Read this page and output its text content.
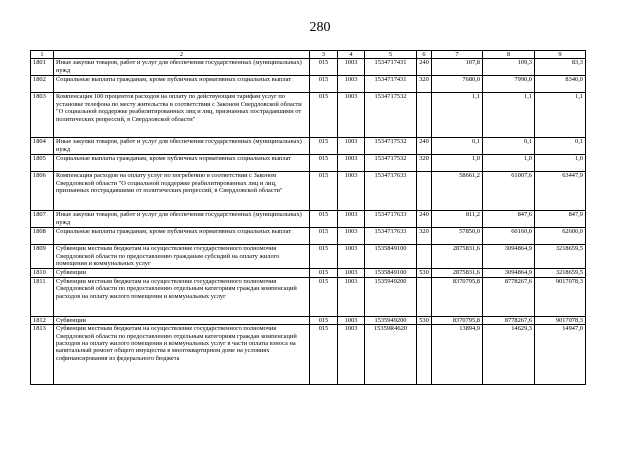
280
1	2	3	4	5	6	7	8	9
1801	Иные закупки товаров, работ и услуг для обеспечения государственных (муниципальных) нужд	015	1003	1534717431	240	107,8	109,3	83,3
1802	Социальные выплаты гражданам, кроме публичных нормативных социальных выплат	015	1003	1534717431	320	7680,0	7990,0	8340,0
1803	Компенсация 100 процентов расходов на оплату по действующим тарифам услуг по установке телефона по месту жительства в соответствии с Законом Свердловской области "О социальной поддержке реабилитированных лиц и лиц, признанных пострадавшими от политических репрессий, в Свердловской области"	015	1003	1534717532		1,1	1,1	1,1
1804	Иные закупки товаров, работ и услуг для обеспечения государственных (муниципальных) нужд	015	1003	1534717532	240	0,1	0,1	0,1
1805	Социальные выплаты гражданам, кроме публичных нормативных социальных выплат	015	1003	1534717532	320	1,0	1,0	1,0
1806	Компенсация расходов на оплату услуг по погребению в соответствии с Законом Свердловской области "О социальной поддержке реабилитированных лиц и лиц, признанных пострадавшими от политических репрессий, в Свердловской области"	015	1003	1534717633		58661,2	61007,6	63447,9
1807	Иные закупки товаров, работ и услуг для обеспечения государственных (муниципальных) нужд	015	1003	1534717633	240	811,2	847,6	847,9
1808	Социальные выплаты гражданам, кроме публичных нормативных социальных выплат	015	1003	1534717633	320	57850,0	60160,0	62600,0
1809	Субвенции местным бюджетам на осуществление государственного полномочия Свердловской области по предоставлению гражданам субсидий на оплату жилого помещения и коммунальных услуг	015	1003	1535849100		2875831,6	3094864,9	3218659,5
1810	Субвенции	015	1003	1535849100	530	2875831,6	3094864,9	3218659,5
1811	Субвенции местным бюджетам на осуществление государственного полномочия Свердловской области по предоставлению отдельным категориям граждан компенсаций расходов на оплату жилого помещения и коммунальных услуг	015	1003	1535949200		8370795,8	8778267,6	9017078,3
1812	Субвенции	015	1003	1535949200	530	8370795,8	8778267,6	9017078,3
1813	Субвенции местным бюджетам на осуществление государственного полномочия Свердловской области по предоставлению отдельным категориям граждан компенсаций расходов на оплату жилого помещения и коммунальных услуг в части оплаты взноса на капитальный ремонт общего имущества в многоквартирном доме на условиях софинансирования из федерального бюджета	015	1003	15359R4620		13894,9	14629,3	14947,0
